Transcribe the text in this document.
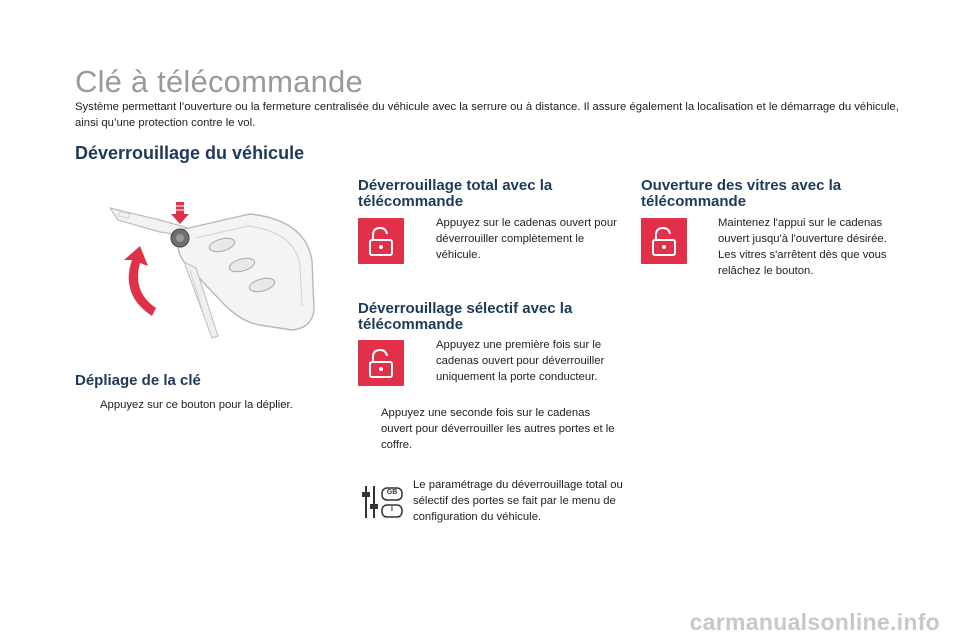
Clé à télécommande
Système permettant l’ouverture ou la fermeture centralisée du véhicule avec la serrure ou à distance. Il assure également la localisation et le démarrage du véhicule, ainsi qu’une protection contre le vol.
Déverrouillage du véhicule
Dépliage de la clé
Appuyez sur ce bouton pour la déplier.
Déverrouillage total avec la télécommande
Appuyez sur le cadenas ouvert pour déverrouiller complètement le véhicule.
Déverrouillage sélectif avec la télécommande
Appuyez une première fois sur le cadenas ouvert pour déverrouiller uniquement la porte conducteur.
Appuyez une seconde fois sur le cadenas ouvert pour déverrouiller les autres portes et le coffre.
GB
I
Le paramétrage du déverrouillage total ou sélectif des portes se fait par le menu de configuration du véhicule.
Ouverture des vitres avec la télécommande
Maintenez l'appui sur le cadenas ouvert jusqu'à l'ouverture désirée. Les vitres s'arrêtent dès que vous relâchez le bouton.
carmanualsonline.info
